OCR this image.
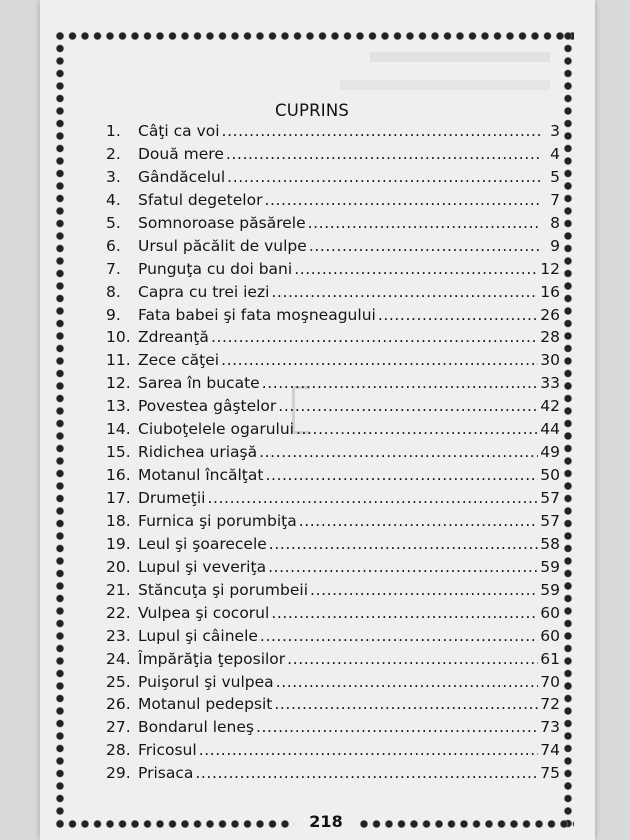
CUPRINS
1.	Câţi ca voi .....	3
2.	Două mere .....	4
3.	Gândăcelul .....	5
4.	Sfatul degetelor .....	7
5.	Somnoroase păsărele .....	8
6.	Ursul păcălit de vulpe .....	9
7.	Punguţa cu doi bani .....	12
8.	Capra cu trei iezi .....	16
9.	Fata babei şi fata moşneagului .....	26
10. Zdreanţă .....	28
11. Zece căţei .....	30
12. Sarea în bucate .....	33
13. Povestea gâştelor .....	42
14. Ciuboţelele ogarului .....	44
15. Ridichea uriaşă .....	49
16. Motanul încălţat .....	50
17. Drumeţii .....	57
18. Furnica şi porumbiţa .....	57
19. Leul şi şoarecele .....	58
20. Lupul şi veveriţa .....	59
21. Stăncuţa şi porumbeii .....	59
22. Vulpea şi cocorul .....	60
23. Lupul şi câinele .....	60
24. Împărăţia ţeposilor .....	61
25. Puişorul şi vulpea .....	70
26. Motanul pedepsit .....	72
27. Bondarul leneş .....	73
28. Fricosul .....	74
29. Prisaca .....	75
218
